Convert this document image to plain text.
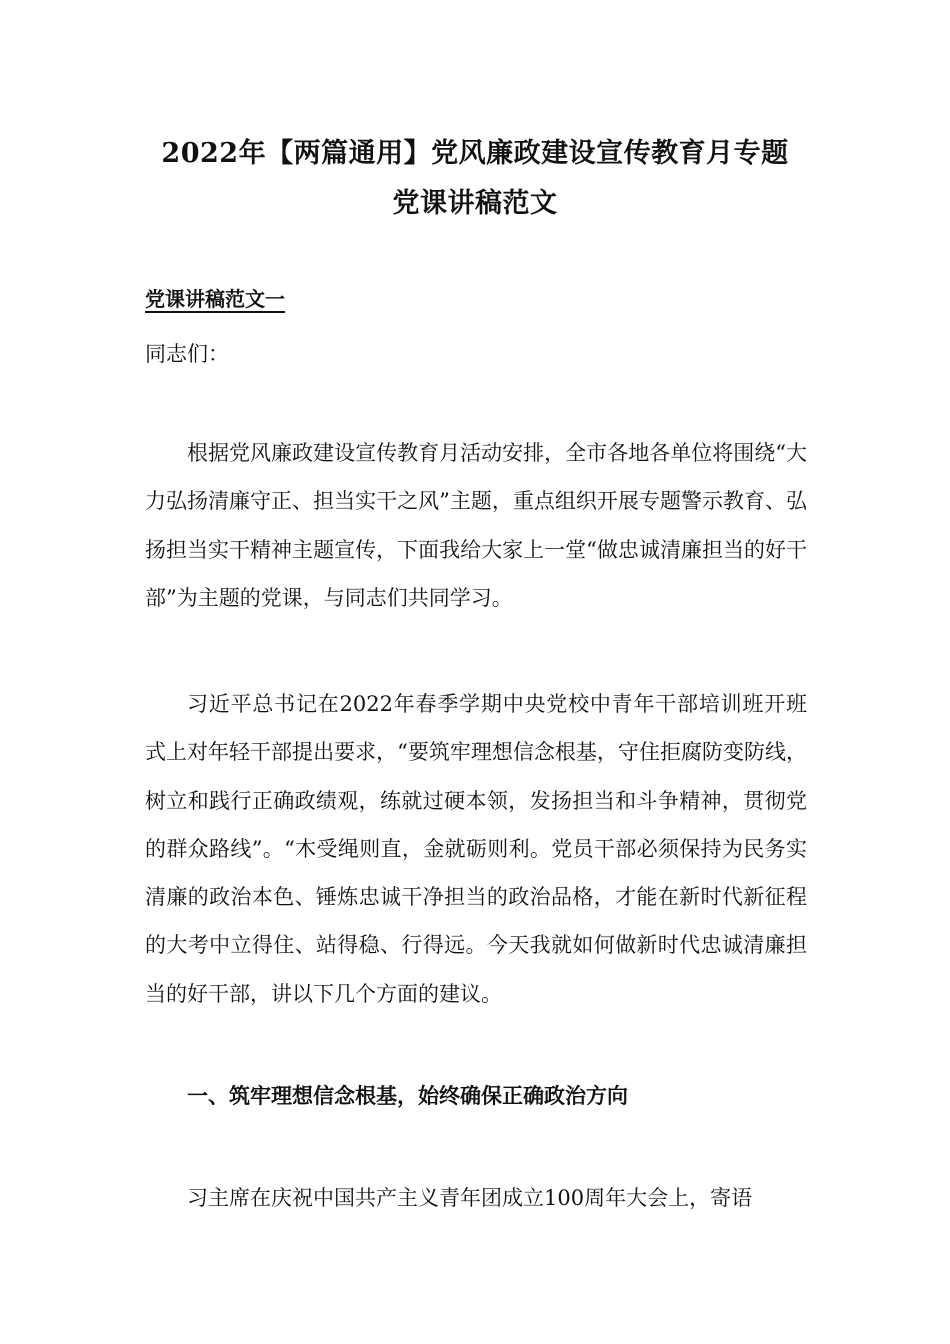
2022年【两篇通用】党风廉政建设宣传教育月专题
党课讲稿范文
党课讲稿范文一
同志们：

根据党风廉政建设宣传教育月活动安排，全市各地各单位将围绕“大力弘扬清廉守正、担当实干之风”主题，重点组织开展专题警示教育、弘扬担当实干精神主题宣传，下面我给大家上一堂“做忠诚清廉担当的好干部”为主题的党课，与同志们共同学习。

习近平总书记在2022年春季学期中央党校中青年干部培训班开班式上对年轻干部提出要求，“要筑牢理想信念根基，守住拒腐防变防线，树立和践行正确政绩观，练就过硬本领，发扬担当和斗争精神，贯彻党的群众路线”。“木受绳则直，金就砺则利。党员干部必须保持为民务实清廉的政治本色、锤炼忠诚干净担当的政治品格，才能在新时代新征程的大考中立得住、站得稳、行得远。今天我就如何做新时代忠诚清廉担当的好干部，讲以下几个方面的建议。

一、筑牢理想信念根基，始终确保正确政治方向
习主席在庆祝中国共产主义青年团成立100周年大会上，寄语
